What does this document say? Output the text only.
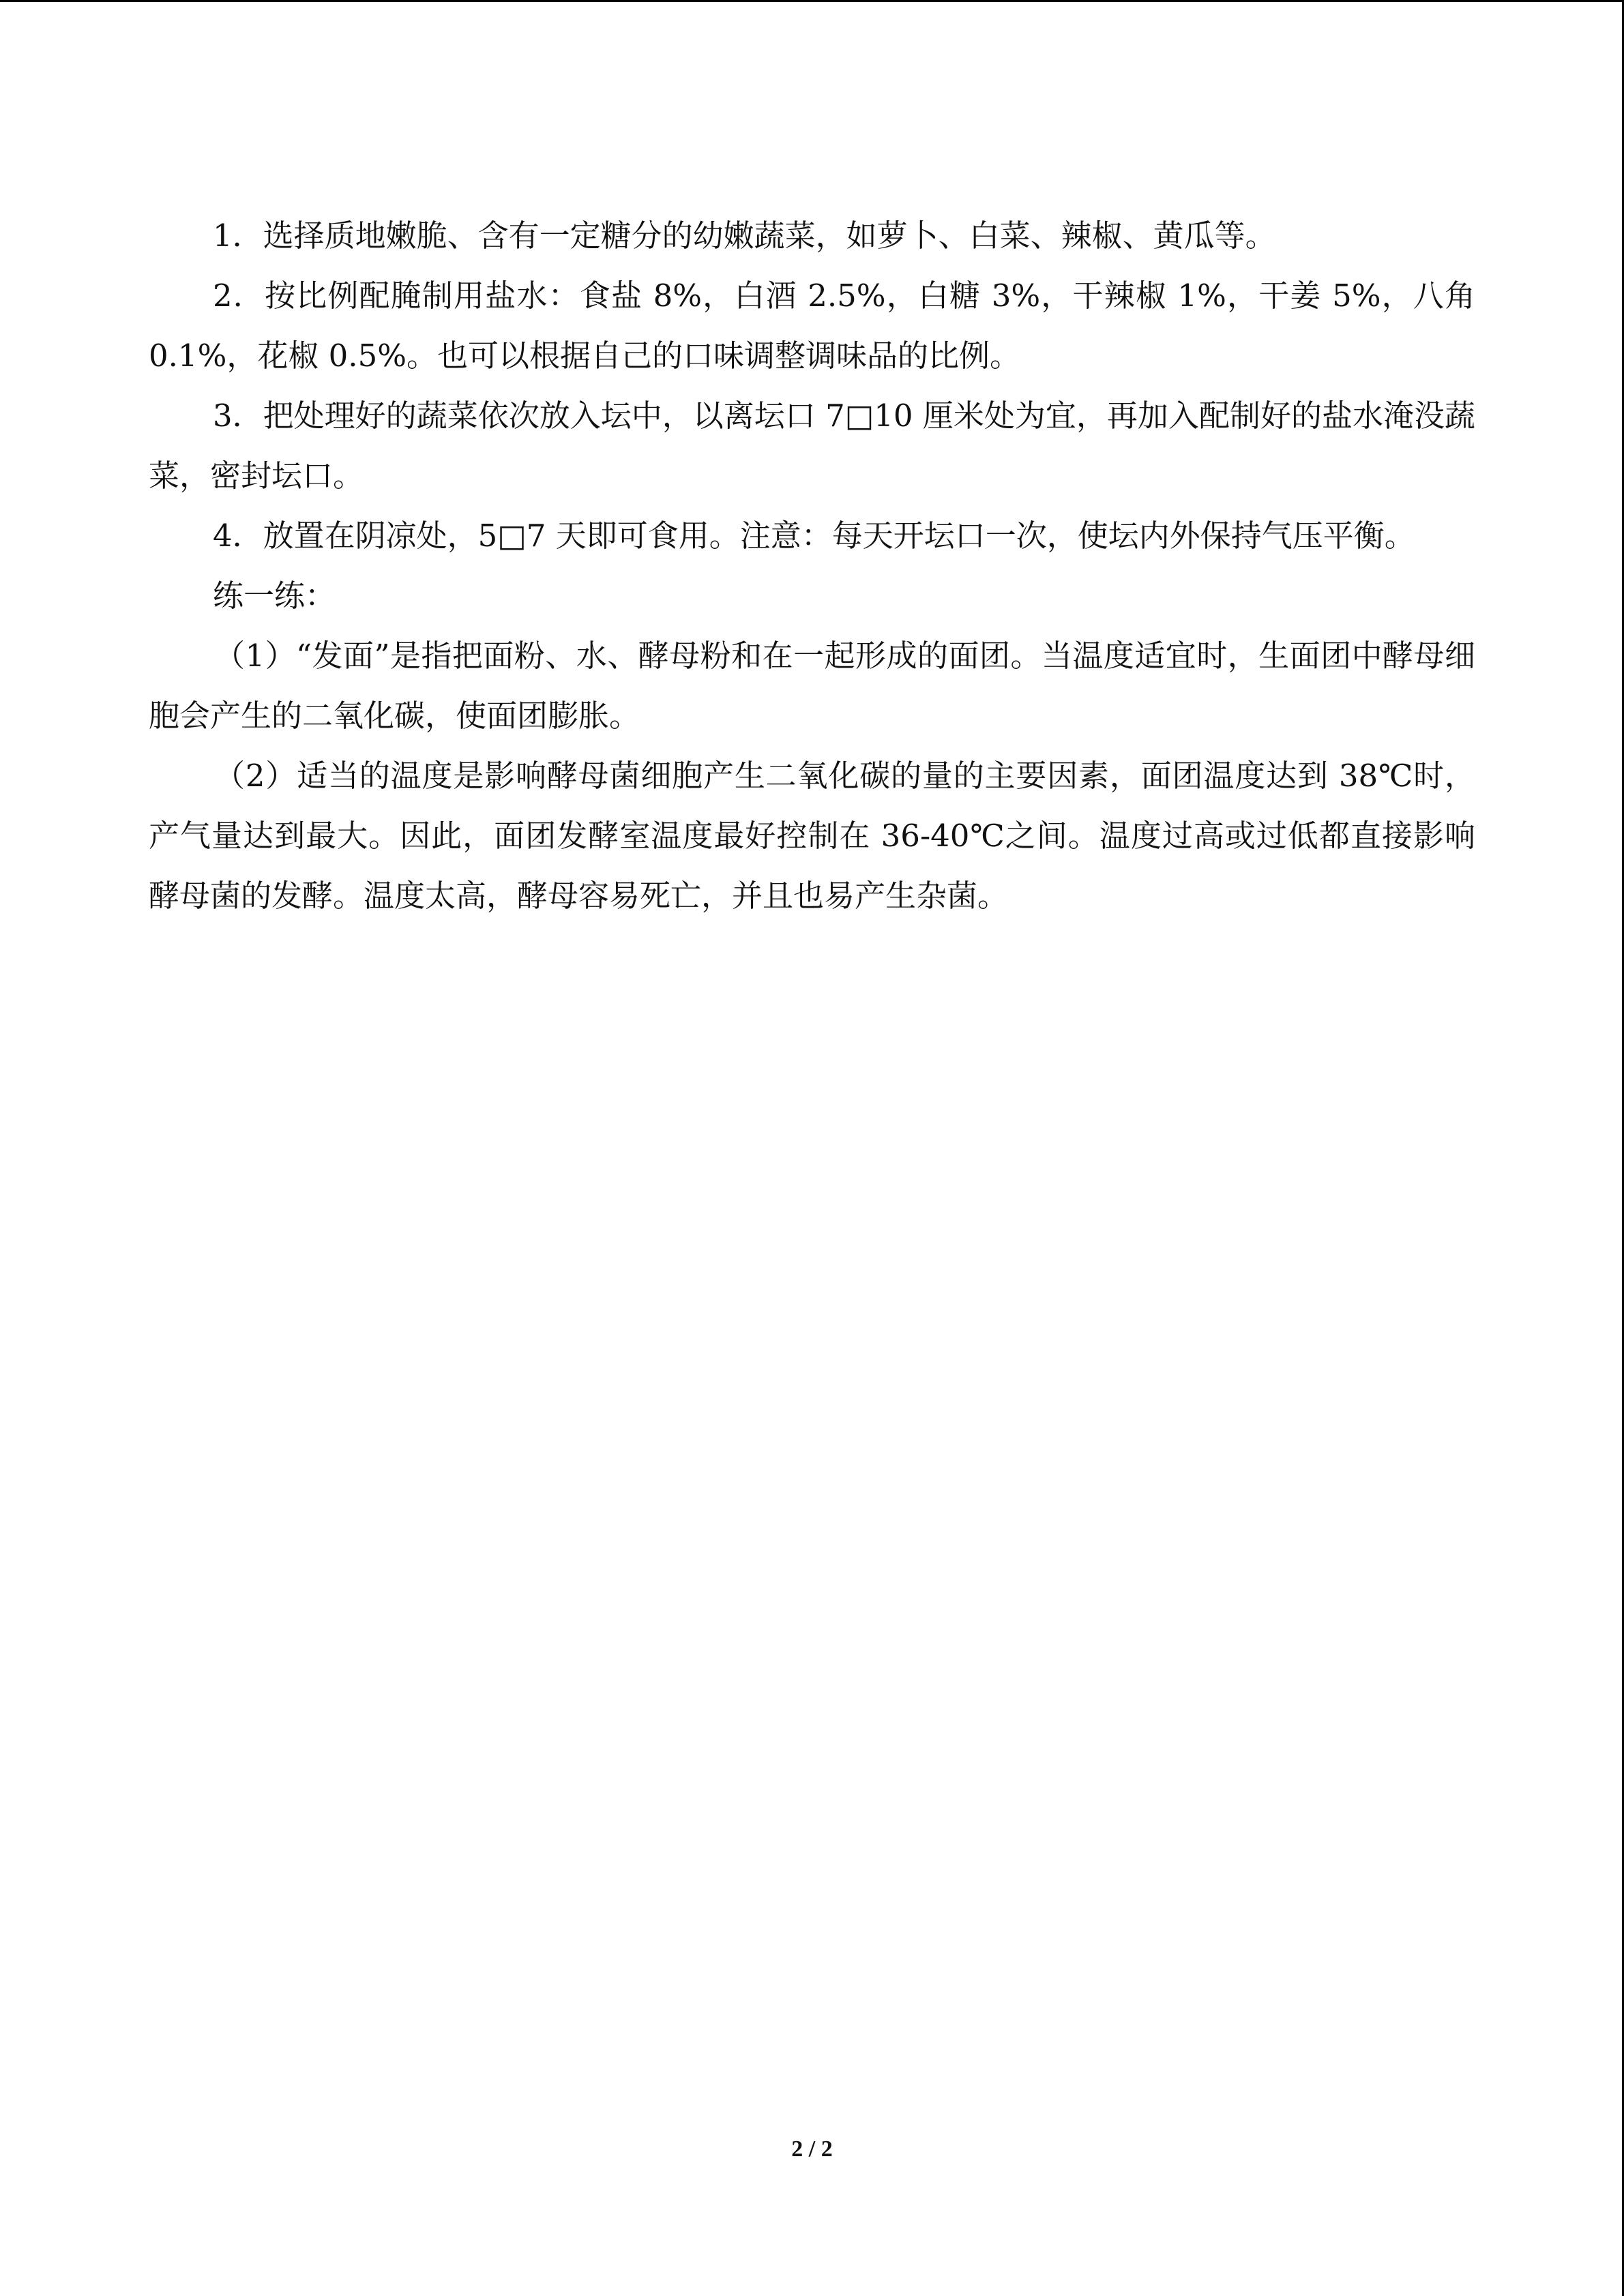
1．选择质地嫩脆、含有一定糖分的幼嫩蔬菜，如萝卜、白菜、辣椒、黄瓜等。

2．按比例配腌制用盐水：食盐 8%，白酒 2.5%，白糖 3%，干辣椒 1%，干姜 5%，八角 0.1%，花椒 0.5%。也可以根据自己的口味调整调味品的比例。

3．把处理好的蔬菜依次放入坛中，以离坛口 7□10 厘米处为宜，再加入配制好的盐水淹没蔬菜，密封坛口。

4．放置在阴凉处，5□7 天即可食用。注意：每天开坛口一次，使坛内外保持气压平衡。

练一练：

（1）“发面”是指把面粉、水、酵母粉和在一起形成的面团。当温度适宜时，生面团中酵母细胞会产生的二氧化碳，使面团膨胀。

（2）适当的温度是影响酵母菌细胞产生二氧化碳的量的主要因素，面团温度达到 38℃时，产气量达到最大。因此，面团发酵室温度最好控制在 36-40℃之间。温度过高或过低都直接影响酵母菌的发酵。温度太高，酵母容易死亡，并且也易产生杂菌。

2 / 2
